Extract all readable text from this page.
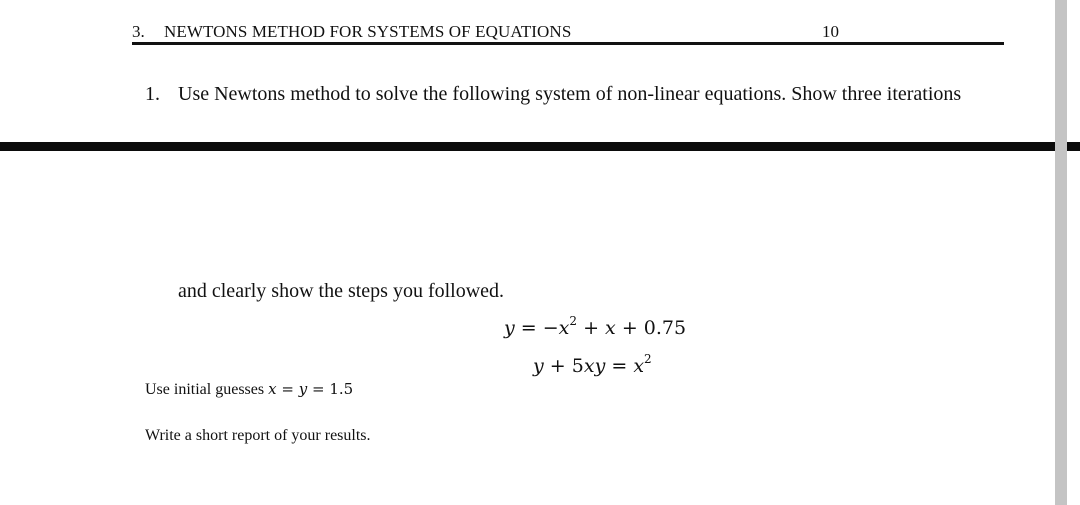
3. NEWTONS METHOD FOR SYSTEMS OF EQUATIONS	10
1. Use Newtons method to solve the following system of non-linear equations. Show three iterations
and clearly show the steps you followed.
$y = -x^2 + x + 0.75$
$y + 5xy = x^2$
Use initial guesses x = y = 1.5
Write a short report of your results.
